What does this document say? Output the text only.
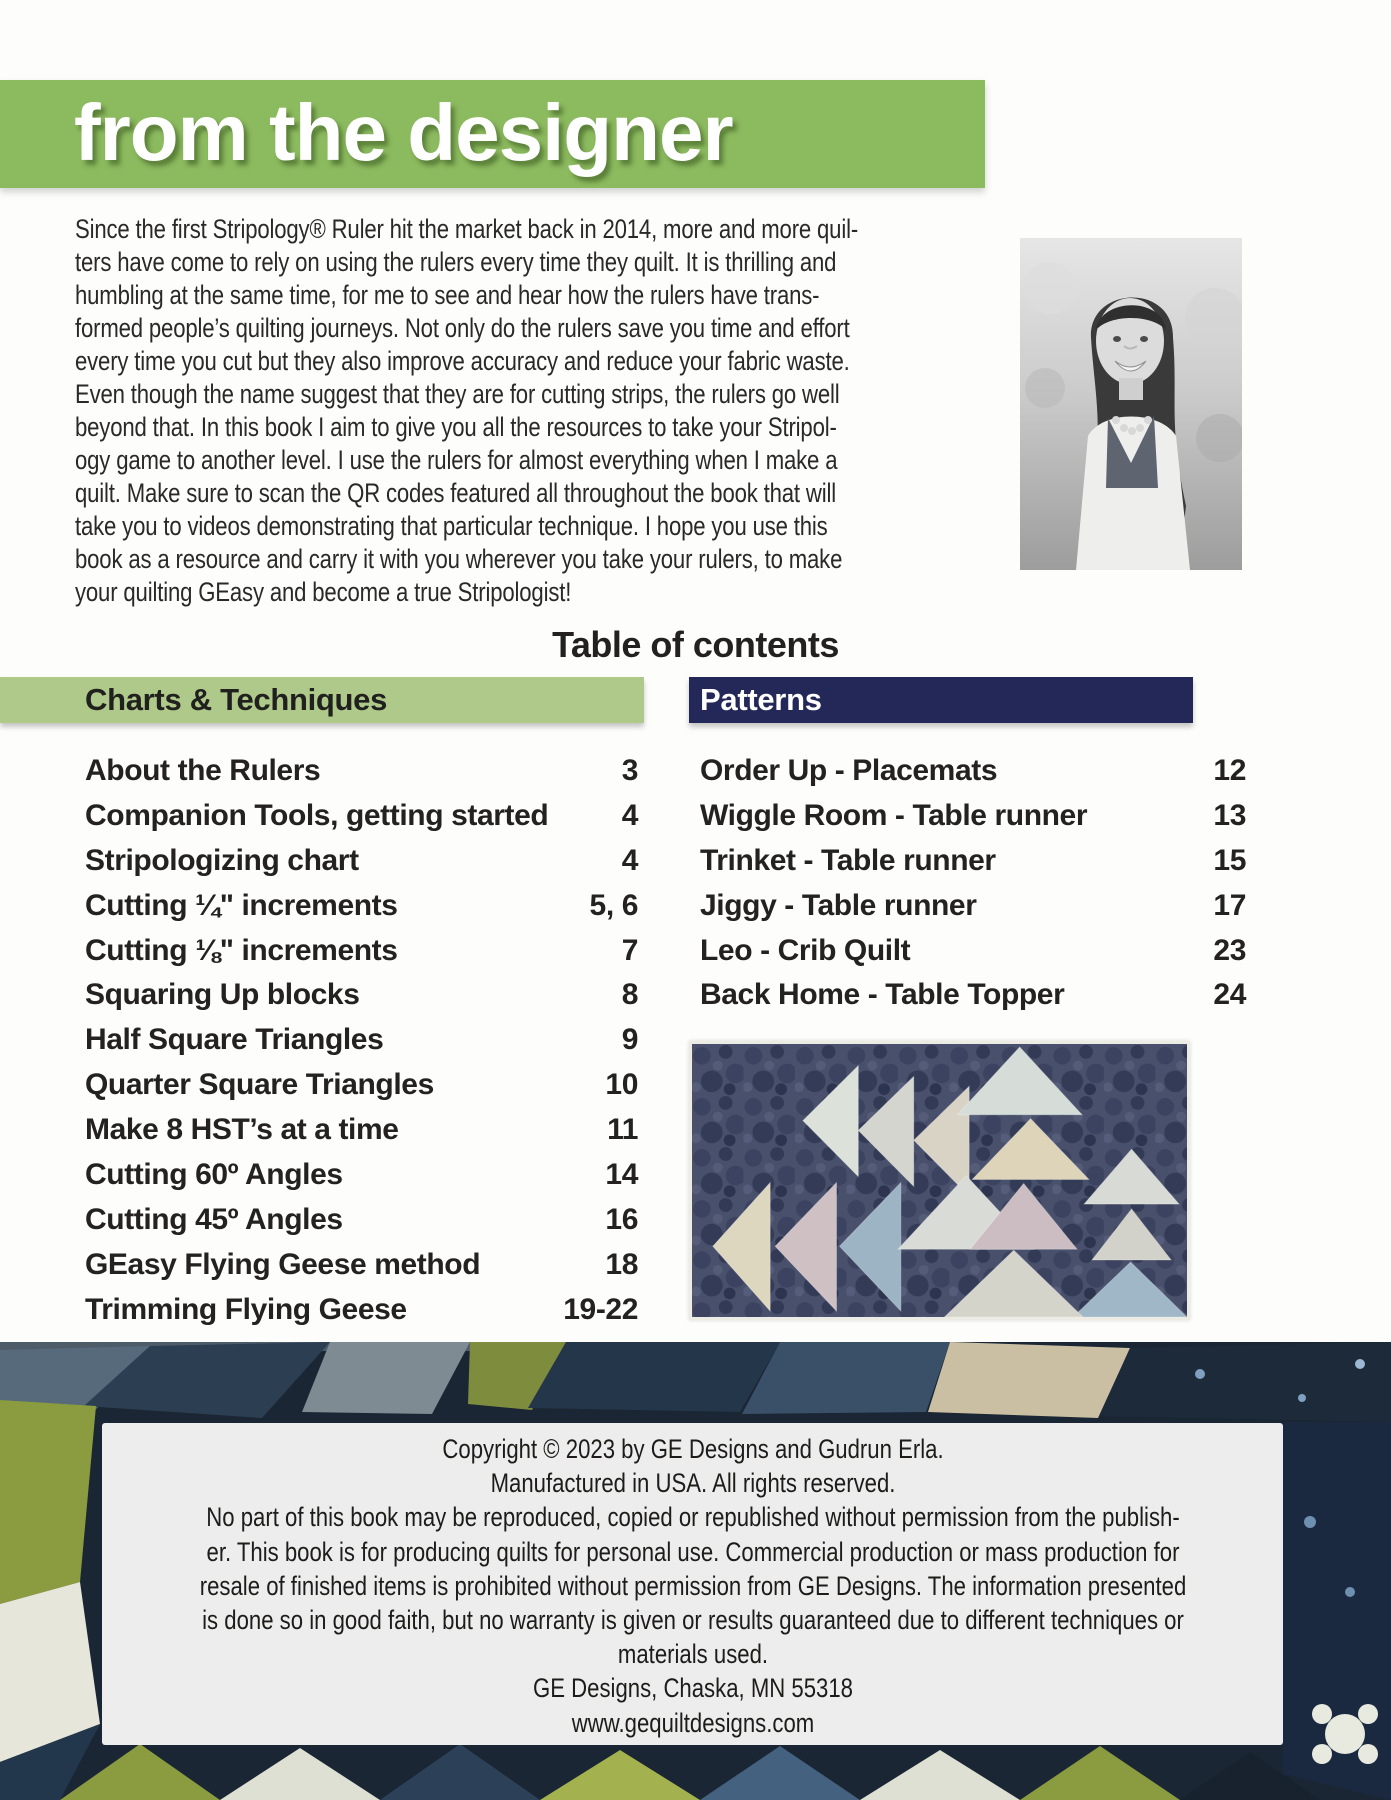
from the designer
Since the first Stripology® Ruler hit the market back in 2014, more and more quil-
ters have come to rely on using the rulers every time they quilt. It is thrilling and
humbling at the same time, for me to see and hear how the rulers have trans-
formed people’s quilting journeys. Not only do the rulers save you time and effort
every time you cut but they also improve accuracy and reduce your fabric waste.
Even though the name suggest that they are for cutting strips, the rulers go well
beyond that. In this book I aim to give you all the resources to take your Stripol-
ogy game to another level. I use the rulers for almost everything when I make a
quilt. Make sure to scan the QR codes featured all throughout the book that will
take you to videos demonstrating that particular technique. I hope you use this
book as a resource and carry it with you wherever you take your rulers, to make
your quilting GEasy and become a true Stripologist!
Table of contents
Charts & Techniques	Patterns
About the Rulers	3
Companion Tools, getting started	4
Stripologizing chart	4
Cutting ¼" increments	5, 6
Cutting ⅛" increments	7
Squaring Up blocks	8
Half Square Triangles	9
Quarter Square Triangles	10
Make 8 HST’s at a time	11
Cutting 60º Angles	14
Cutting 45º Angles	16
GEasy Flying Geese method	18
Trimming Flying Geese	19-22
Order Up - Placemats	12
Wiggle Room - Table runner	13
Trinket - Table runner	15
Jiggy - Table runner	17
Leo - Crib Quilt	23
Back Home - Table Topper	24
Copyright © 2023 by GE Designs and Gudrun Erla.
Manufactured in USA. All rights reserved.
No part of this book may be reproduced, copied or republished without permission from the publish-
er. This book is for producing quilts for personal use. Commercial production or mass production for
resale of finished items is prohibited without permission from GE Designs. The information presented
is done so in good faith, but no warranty is given or results guaranteed due to different techniques or
materials used.
GE Designs, Chaska, MN 55318
www.gequiltdesigns.com
